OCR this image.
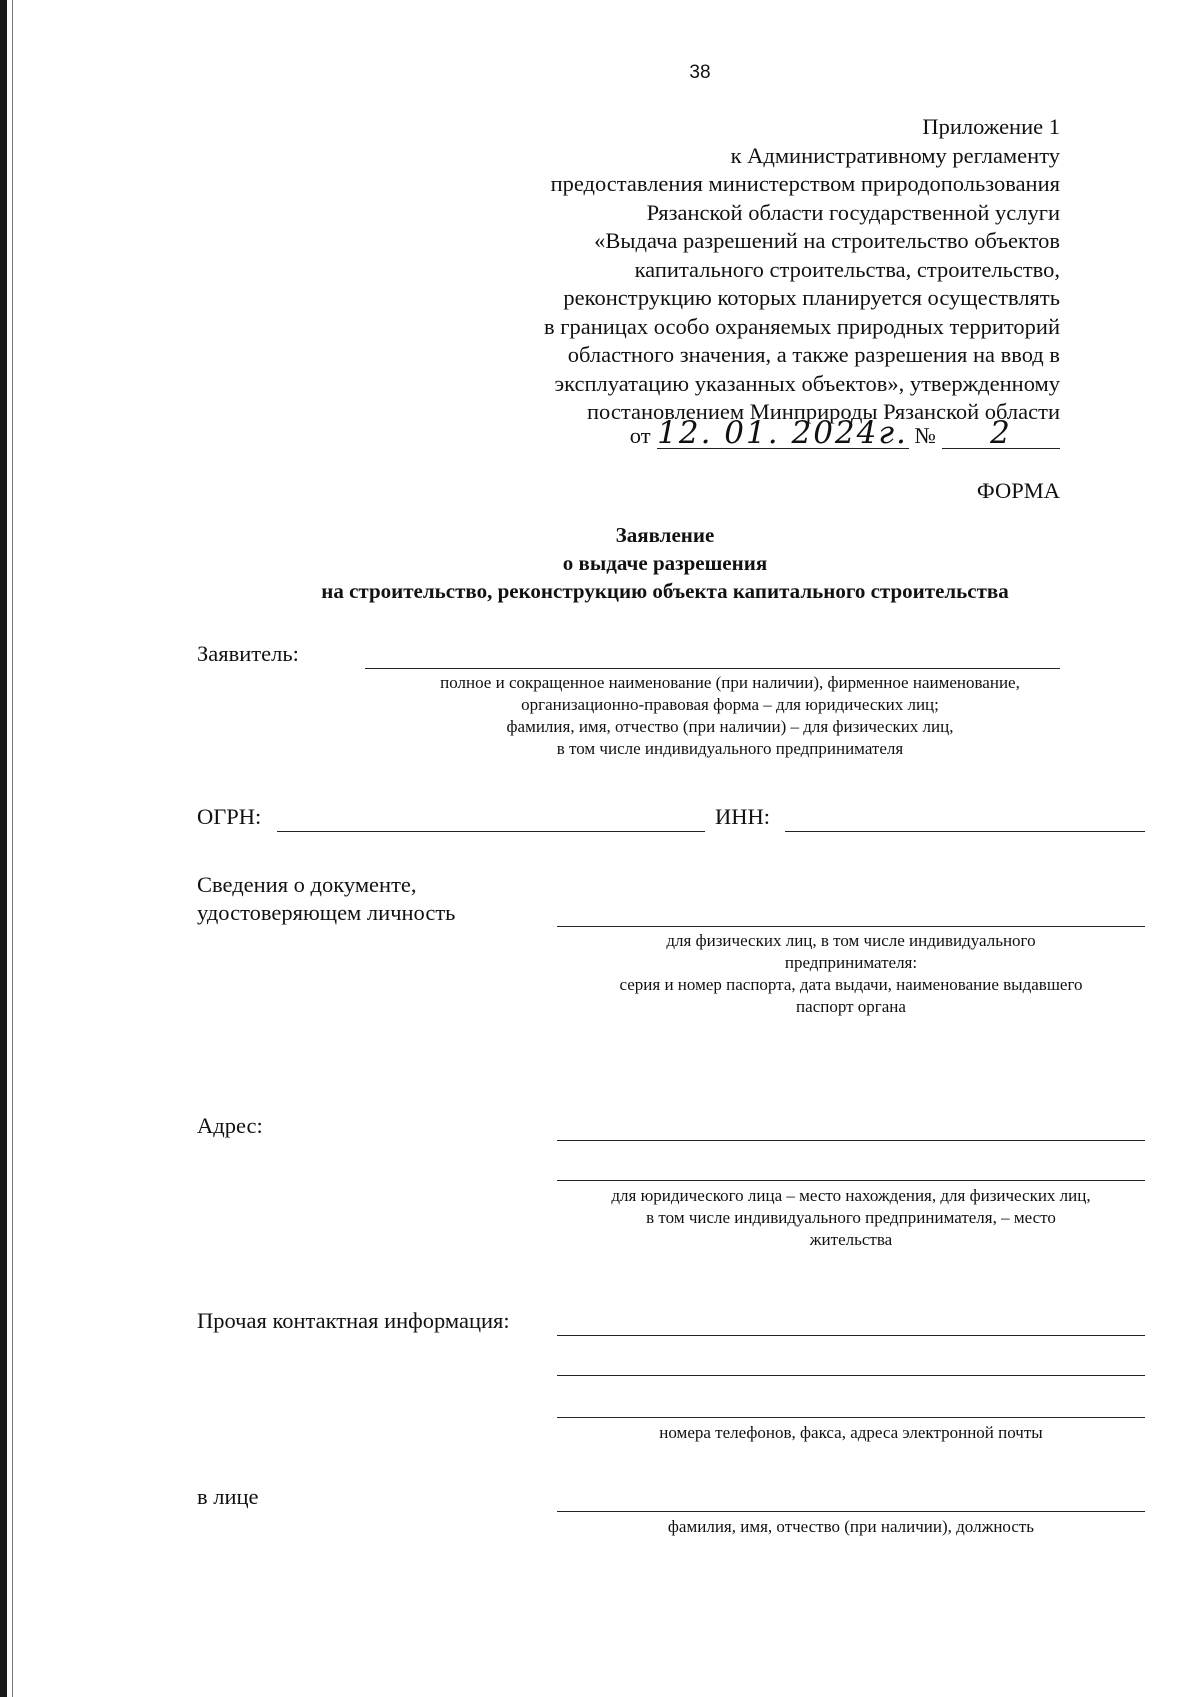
38
Приложение 1
к Административному регламенту
предоставления министерством природопользования
Рязанской области государственной услуги
«Выдача разрешений на строительство объектов
капитального строительства, строительство,
реконструкцию которых планируется осуществлять
в границах особо охраняемых природных территорий
областного значения, а также разрешения на ввод в
эксплуатацию указанных объектов», утвержденному
постановлением Минприроды Рязанской области
от 12. 01. 2024г. №	2
ФОРМА
Заявление
о выдаче разрешения
на строительство, реконструкцию объекта капитального строительства
Заявитель:
полное и сокращенное наименование (при наличии), фирменное наименование,
организационно-правовая форма – для юридических лиц;
фамилия, имя, отчество (при наличии) – для физических лиц,
в том числе индивидуального предпринимателя
ОГРН:	ИНН:
Сведения о документе,
удостоверяющем личность
для физических лиц, в том числе индивидуального
предпринимателя:
серия и номер паспорта, дата выдачи, наименование выдавшего
паспорт органа
Адрес:
для юридического лица – место нахождения, для физических лиц,
в том числе индивидуального предпринимателя, – место
жительства
Прочая контактная информация:
номера телефонов, факса, адреса электронной почты
в лице
фамилия, имя, отчество (при наличии), должность
